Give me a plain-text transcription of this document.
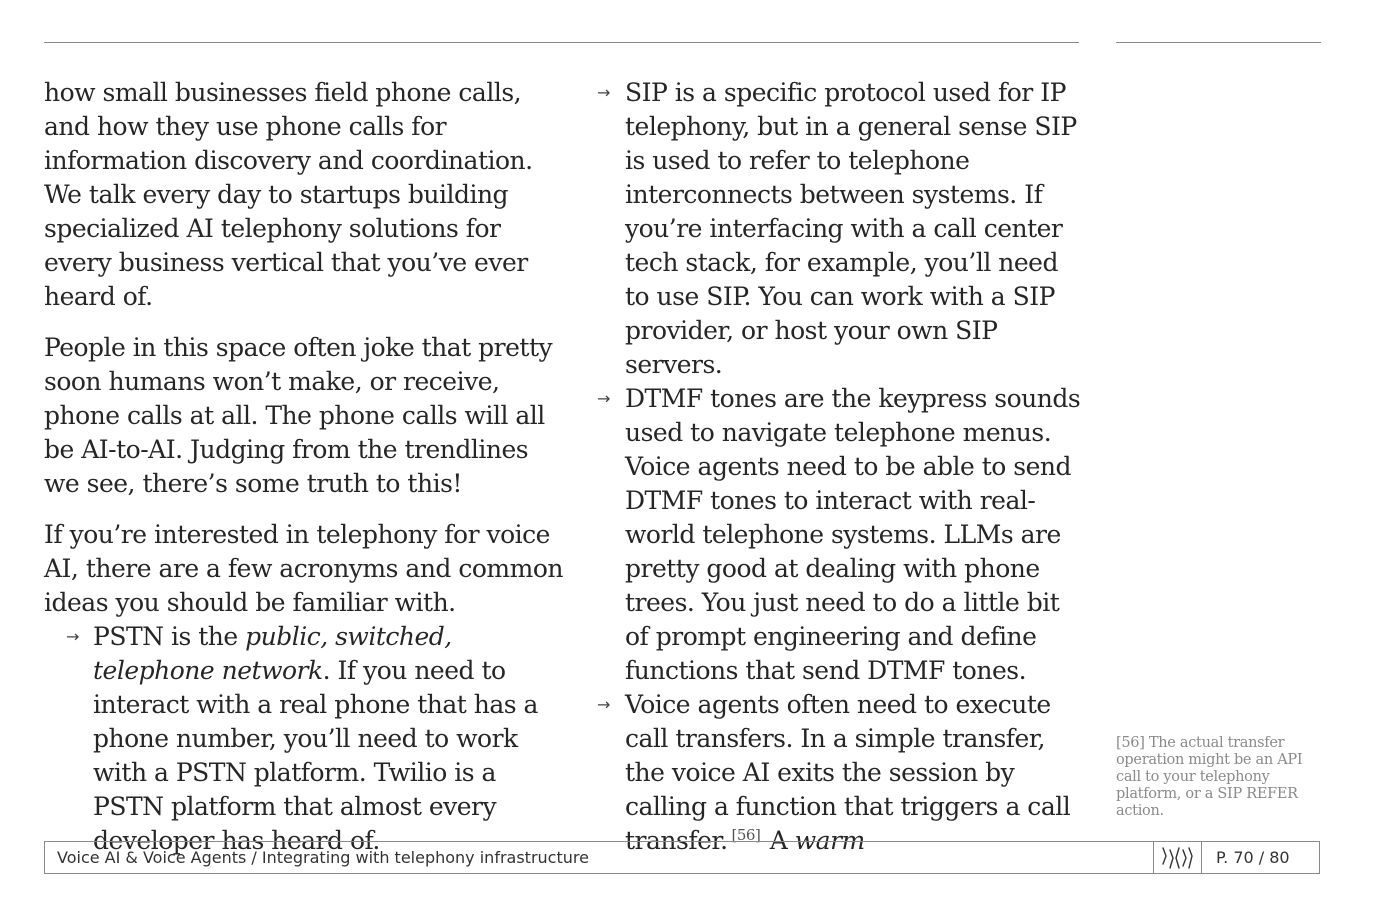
how small businesses field phone calls, and how they use phone calls for information discovery and coordination. We talk every day to startups building specialized AI telephony solutions for every business vertical that you’ve ever heard of.

People in this space often joke that pretty soon humans won’t make, or receive, phone calls at all. The phone calls will all be AI-to-AI. Judging from the trendlines we see, there’s some truth to this!

If you’re interested in telephony for voice AI, there are a few acronyms and common ideas you should be familiar with.

→ PSTN is the public, switched, telephone network. If you need to interact with a real phone that has a phone number, you’ll need to work with a PSTN platform. Twilio is a PSTN platform that almost every developer has heard of.
→ SIP is a specific protocol used for IP telephony, but in a general sense SIP is used to refer to telephone interconnects between systems. If you’re interfacing with a call center tech stack, for example, you’ll need to use SIP. You can work with a SIP provider, or host your own SIP servers.
→ DTMF tones are the keypress sounds used to navigate telephone menus. Voice agents need to be able to send DTMF tones to interact with real-world telephone systems. LLMs are pretty good at dealing with phone trees. You just need to do a little bit of prompt engineering and define functions that send DTMF tones.
→ Voice agents often need to execute call transfers. In a simple transfer, the voice AI exits the session by calling a function that triggers a call transfer. [56] A warm
[56] The actual transfer operation might be an API call to your telephony platform, or a SIP REFER action.
Voice AI & Voice Agents / Integrating with telephony infrastructure	P. 70 / 80
